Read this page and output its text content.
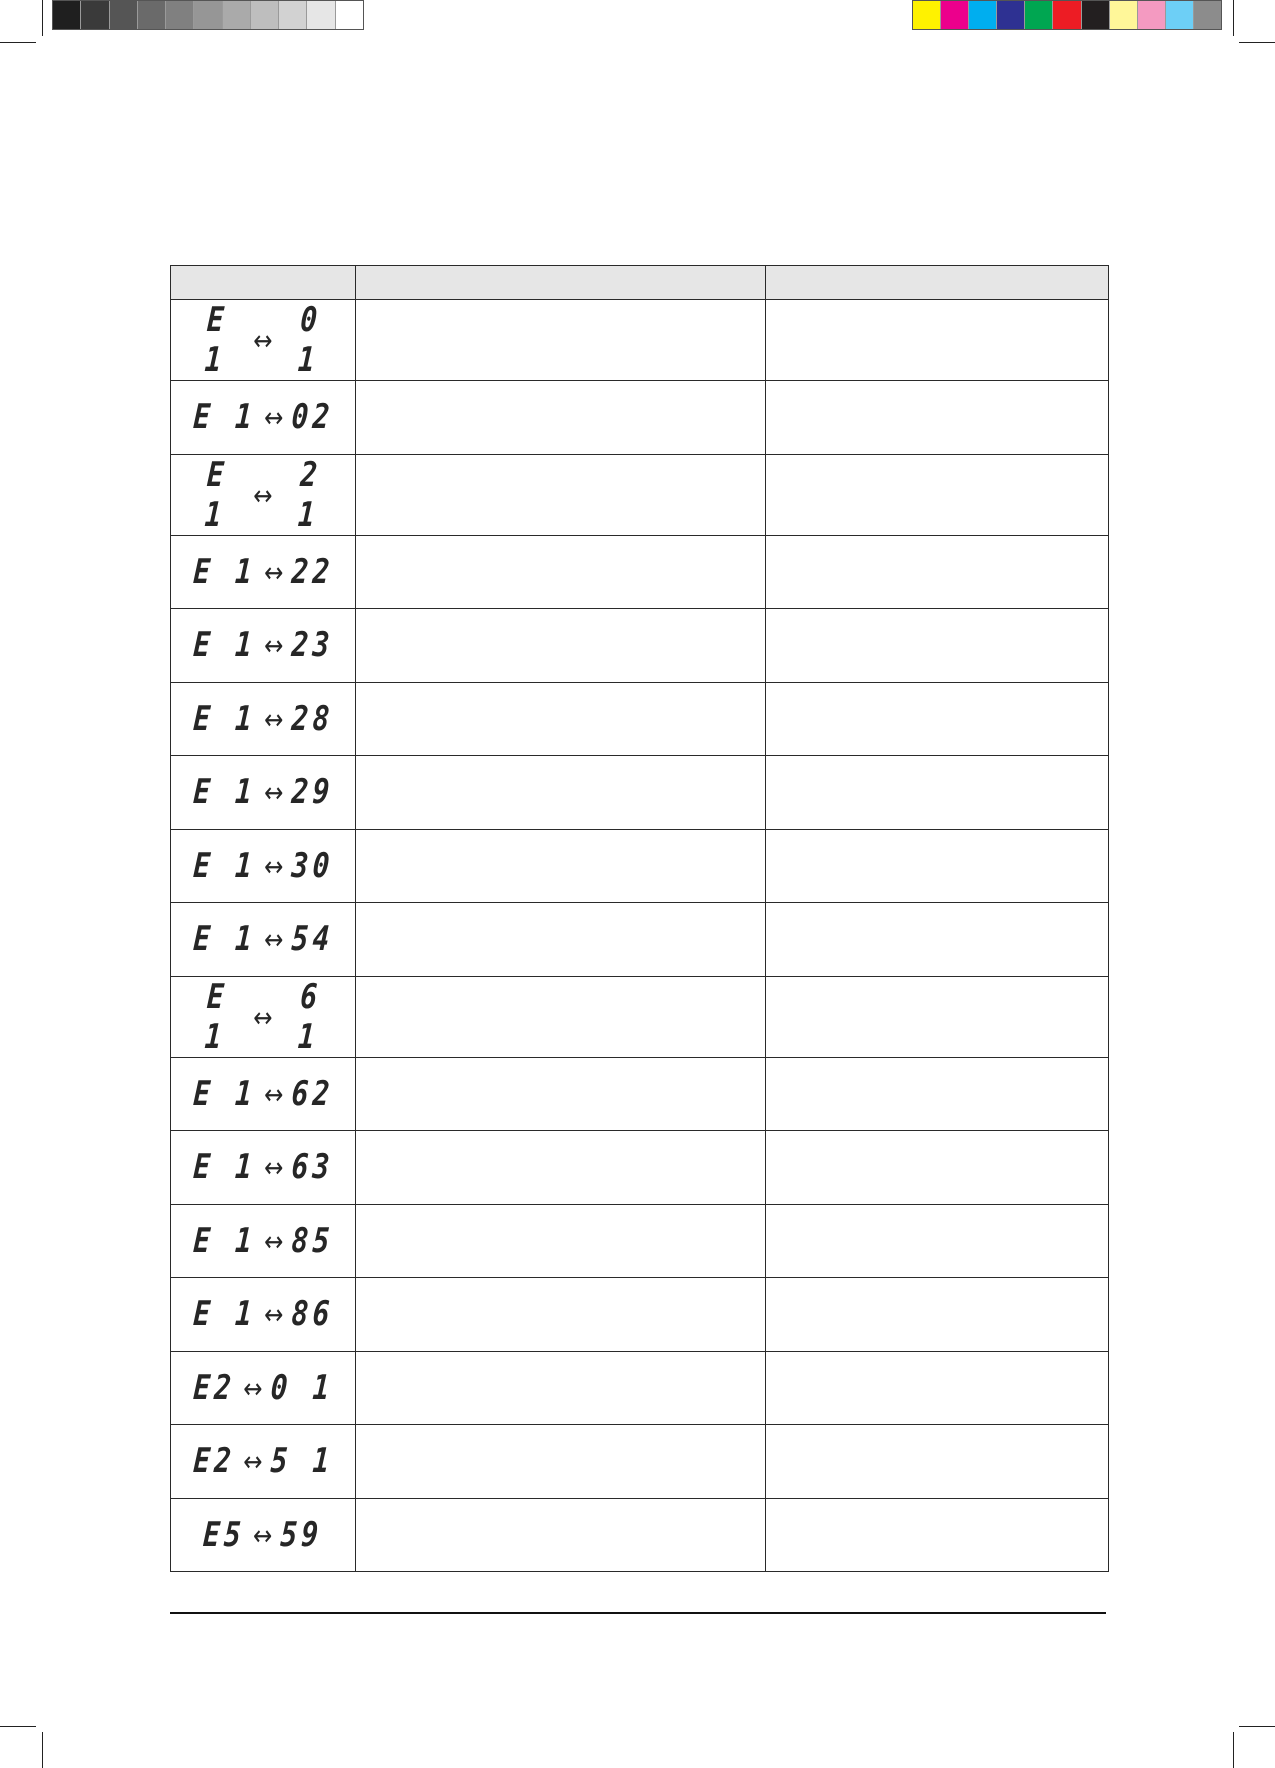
E 1 ↔ 0 1		

E 1 ↔ 02		

E 1 ↔ 2 1		

E 1 ↔ 22		

E 1 ↔ 23		

E 1 ↔ 28		

E 1 ↔ 29		

E 1 ↔ 30		

E 1 ↔ 54		

E 1 ↔ 6 1		

E 1 ↔ 62		

E 1 ↔ 63		

E 1 ↔ 85		

E 1 ↔ 86		

E2 ↔ 0 1		

E2 ↔ 5 1		

E5 ↔ 59		
